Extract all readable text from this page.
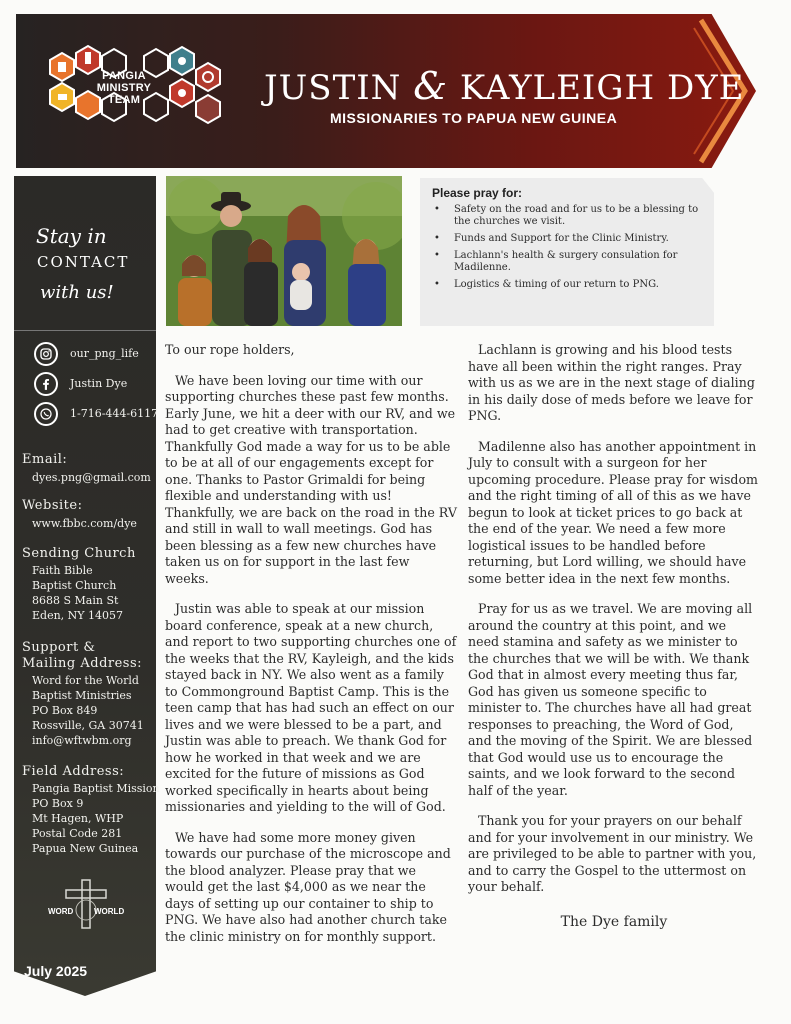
PANGIA
MINISTRY
TEAM	JUSTIN & KAYLEIGH DYE
MISSIONARIES TO PAPUA NEW GUINEA
Stay in
CONTACT
with us!
our_png_life
Justin Dye
1-716-444-6117
Email:
dyes.png@gmail.com
Website:
www.fbbc.com/dye
Sending Church
Faith Bible
Baptist Church
8688 S Main St
Eden, NY 14057
Support &
Mailing Address:
Word for the World
Baptist Ministries
PO Box 849
Rossville, GA 30741
info@wftwbm.org
Field Address:
Pangia Baptist Mission
PO Box 9
Mt Hagen, WHP
Postal Code 281
Papua New Guinea
WORD	WORLD
July 2025
Please pray for:
• Safety on the road and for us to be a blessing to the churches we visit.
• Funds and Support for the Clinic Ministry.
• Lachlann's health & surgery consulation for Madilenne.
• Logistics & timing of our return to PNG.

To our rope holders,

We have been loving our time with our supporting churches these past few months. Early June, we hit a deer with our RV, and we had to get creative with transportation. Thankfully God made a way for us to be able to be at all of our engagements except for one. Thanks to Pastor Grimaldi for being flexible and understanding with us! Thankfully, we are back on the road in the RV and still in wall to wall meetings. God has been blessing as a few new churches have taken us on for support in the last few weeks.

Justin was able to speak at our mission board conference, speak at a new church, and report to two supporting churches one of the weeks that the RV, Kayleigh, and the kids stayed back in NY. We also went as a family to Commonground Baptist Camp. This is the teen camp that has had such an effect on our lives and we were blessed to be a part, and Justin was able to preach. We thank God for how he worked in that week and we are excited for the future of missions as God worked specifically in hearts about being missionaries and yielding to the will of God.

We have had some more money given towards our purchase of the microscope and the blood analyzer. Please pray that we would get the last $4,000 as we near the days of setting up our container to ship to PNG. We have also had another church take the clinic ministry on for monthly support.

Lachlann is growing and his blood tests have all been within the right ranges. Pray with us as we are in the next stage of dialing in his daily dose of meds before we leave for PNG.

Madilenne also has another appointment in July to consult with a surgeon for her upcoming procedure. Please pray for wisdom and the right timing of all of this as we have begun to look at ticket prices to go back at the end of the year. We need a few more logistical issues to be handled before returning, but Lord willing, we should have some better idea in the next few months.

Pray for us as we travel. We are moving all around the country at this point, and we need stamina and safety as we minister to the churches that we will be with. We thank God that in almost every meeting thus far, God has given us someone specific to minister to. The churches have all had great responses to preaching, the Word of God, and the moving of the Spirit. We are blessed that God would use us to encourage the saints, and we look forward to the second half of the year.

Thank you for your prayers on our behalf and for your involvement in our ministry. We are privileged to be able to partner with you, and to carry the Gospel to the uttermost on your behalf.

The Dye family
